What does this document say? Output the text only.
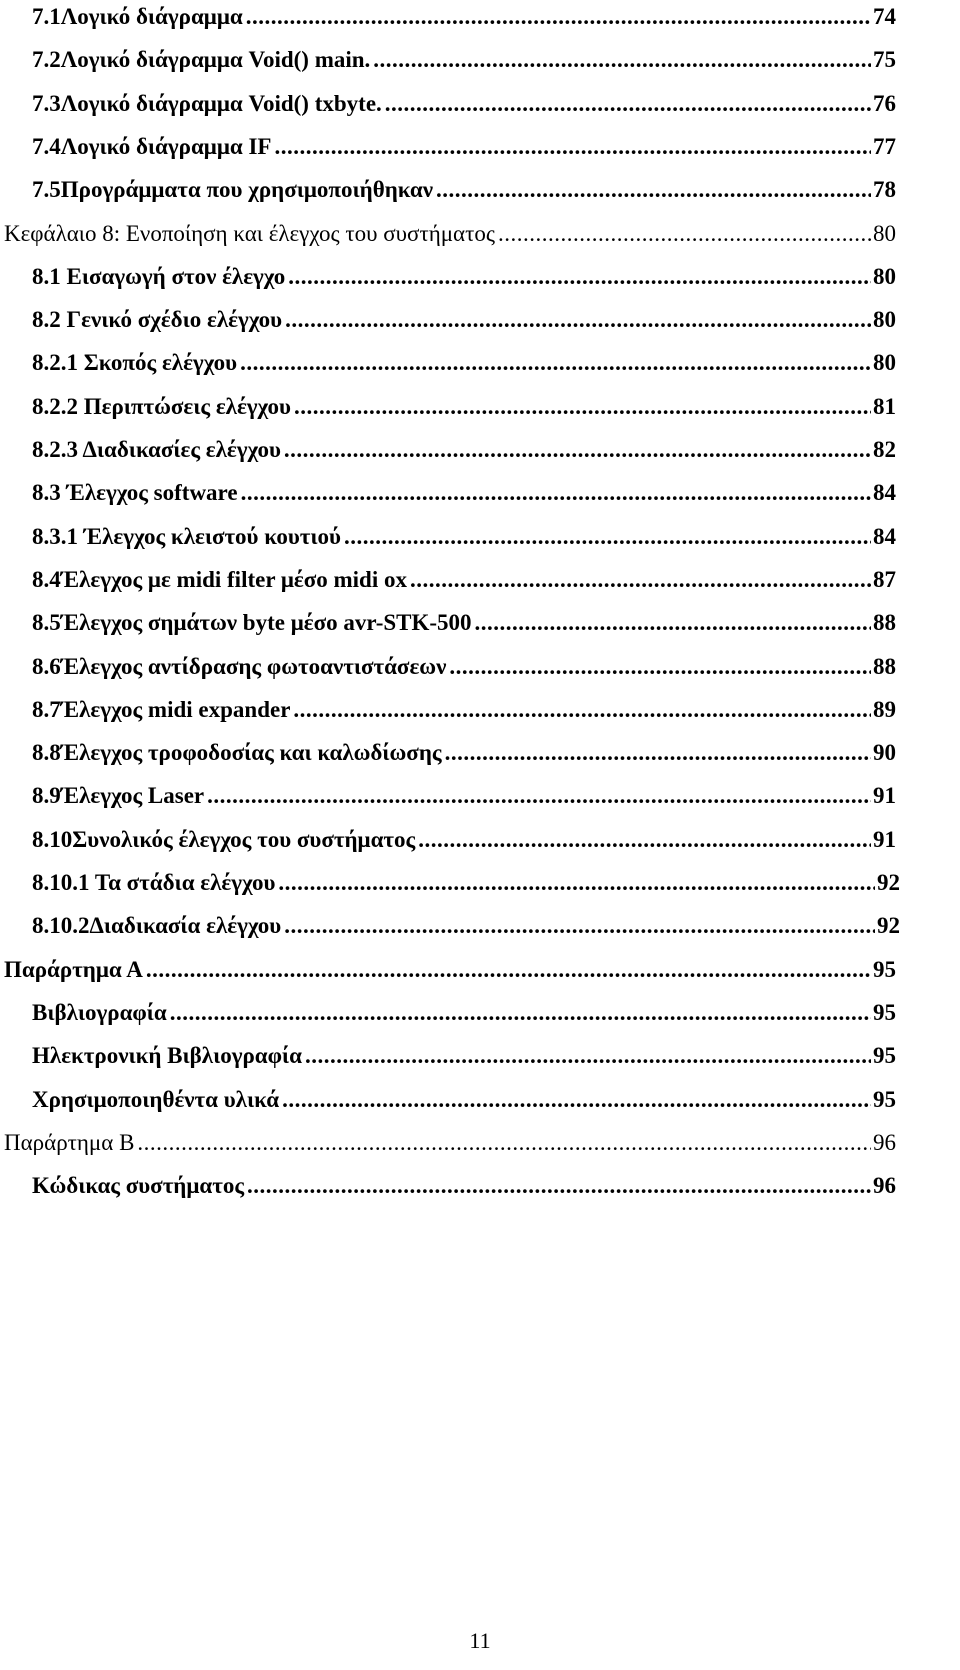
7.1 Λογικό διάγραμμα .....	74
7.2 Λογικό διάγραμμα Void() main. .....	75
7.3 Λογικό διάγραμμα Void() txbyte. .....	76
7.4 Λογικό διάγραμμα IF .....	77
7.5 Προγράμματα που χρησιμοποιήθηκαν .....	78
Κεφάλαιο 8: Ενοποίηση και έλεγχος του συστήματος .....	80
8.1 Εισαγωγή στον έλεγχο .....	80
8.2 Γενικό σχέδιο ελέγχου .....	80
8.2.1 Σκοπός ελέγχου .....	80
8.2.2 Περιπτώσεις ελέγχου .....	81
8.2.3 Διαδικασίες ελέγχου .....	82
8.3 Έλεγχος software .....	84
8.3.1 Έλεγχος κλειστού κουτιού .....	84
8.4 Έλεγχος με midi filter μέσο midi ox .....	87
8.5 Έλεγχος σημάτων byte μέσο avr-STK-500 .....	88
8.6 Έλεγχος αντίδρασης φωτοαντιστάσεων .....	88
8.7 Έλεγχος midi expander .....	89
8.8 Έλεγχος τροφοδοσίας και καλωδίωσης .....	90
8.9 Έλεγχος Laser .....	91
8.10 Συνολικός έλεγχος του συστήματος .....	91
8.10.1 Τα στάδια ελέγχου .....	92
8.10.2Διαδικασία ελέγχου .....	92
Παράρτημα Α .....	95
Βιβλιογραφία .....	95
Ηλεκτρονική Βιβλιογραφία .....	95
Χρησιμοποιηθέντα υλικά .....	95
Παράρτημα Β .....	96
Κώδικας συστήματος .....	96
11
